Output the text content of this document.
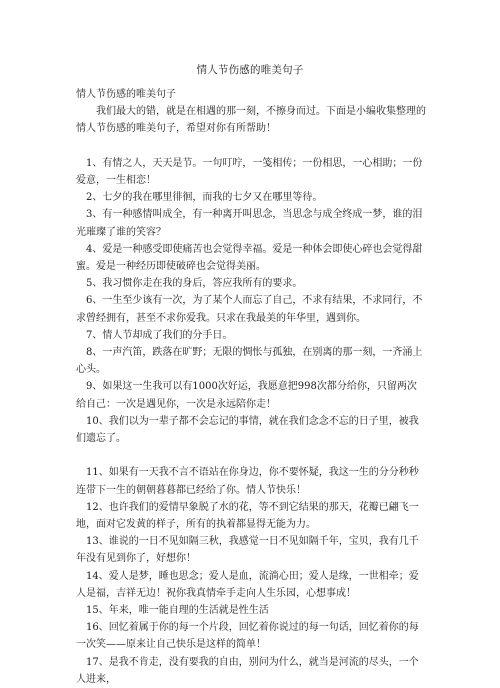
情人节伤感的唯美句子

情人节伤感的唯美句子

我们最大的错，就是在相遇的那一刻，不擦身而过。下面是小编收集整理的情人节伤感的唯美句子，希望对你有所帮助！

1、有情之人，天天是节。一句叮咛，一笺相传；一份相思，一心相助；一份爱意，一生相恋！

2、七夕的我在哪里徘徊，而我的七夕又在哪里等待。

3、有一种感情叫成全，有一种离开叫思念，当思念与成全终成一梦，谁的泪光璀璨了谁的笑容？

4、爱是一种感受即使痛苦也会觉得幸福。爱是一种体会即使心碎也会觉得甜蜜。爱是一种经历即使破碎也会觉得美丽。

5、我习惯你走在我的身后，答应我所有的要求。

6、一生至少该有一次，为了某个人而忘了自己，不求有结果，不求同行，不求曾经拥有，甚至不求你爱我。只求在我最美的年华里，遇到你。

7、情人节却成了我们的分手日。

8、一声汽笛，跌落在旷野；无限的惆怅与孤独，在别离的那一刻，一齐涌上心头。

9、如果这一生我可以有1000次好运，我愿意把998次都分给你，只留两次给自己：一次是遇见你，一次是永远陪你走！

10、我们以为一辈子都不会忘记的事情，就在我们念念不忘的日子里，被我们遗忘了。

11、如果有一天我不言不语站在你身边，你不要怀疑，我这一生的分分秒秒连带下一生的朝朝暮暮都已经给了你。情人节快乐！

12、也许我们的爱情早象脱了水的花，等不到它结果的那天，花瓣已翩飞一地，面对它发黄的样子，所有的执着都显得无能为力。

13、谁说的一日不见如隔三秋，我感觉一日不见如隔千年，宝贝，我有几千年没有见到你了，好想你！

14、爱人是梦，睡也思念；爱人是血，流淌心田；爱人是缘，一世相牵；爱人是福，吉祥无边！祝你我真情牵手走向人生乐园，心想事成！

15、年来，唯一能自理的生活就是性生活

16、回忆着属于你的每一个片段，回忆着你说过的每一句话，回忆着你的每一次笑——原来让自己快乐是这样的简单！

17、是我不肯走，没有要我的自由，别问为什么，就当是河流的尽头，一个人进来，
